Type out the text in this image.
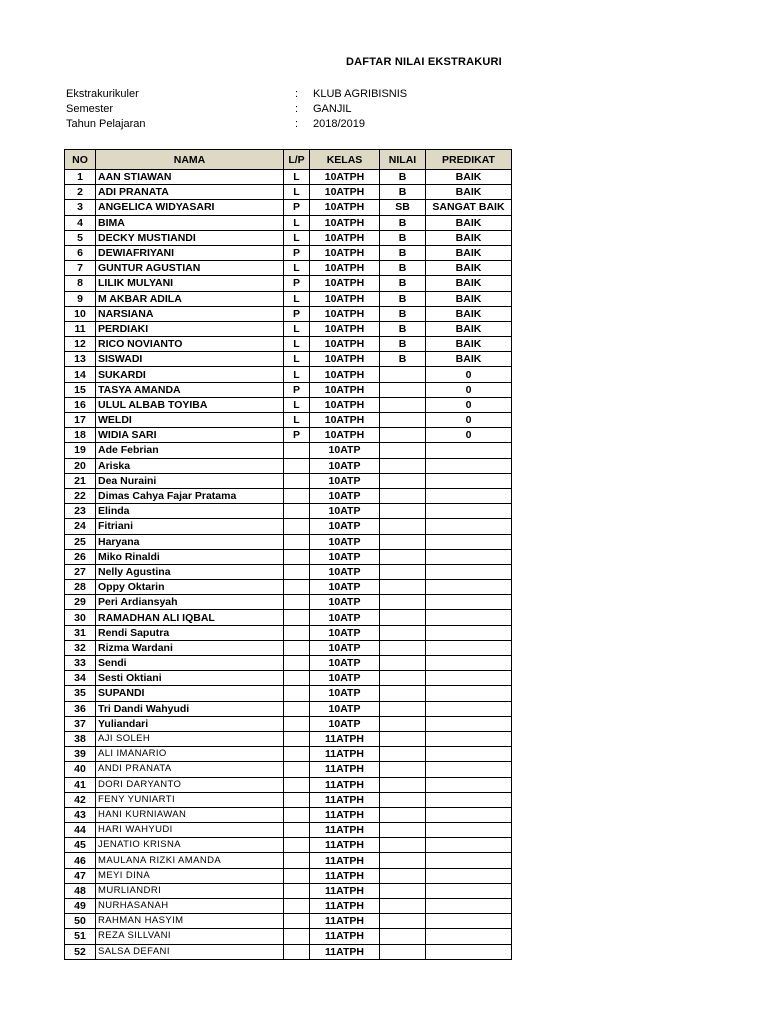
DAFTAR NILAI EKSTRAKURI
Ekstrakurikuler	: KLUB AGRIBISNIS
Semester	: GANJIL
Tahun Pelajaran	: 2018/2019
NO	NAMA	L/P	KELAS	NILAI	PREDIKAT
1	AAN STIAWAN	L	10ATPH	B	BAIK
2	ADI PRANATA	L	10ATPH	B	BAIK
3	ANGELICA WIDYASARI	P	10ATPH	SB	SANGAT BAIK
4	BIMA	L	10ATPH	B	BAIK
5	DECKY MUSTIANDI	L	10ATPH	B	BAIK
6	DEWIAFRIYANI	P	10ATPH	B	BAIK
7	GUNTUR AGUSTIAN	L	10ATPH	B	BAIK
8	LILIK MULYANI	P	10ATPH	B	BAIK
9	M AKBAR ADILA	L	10ATPH	B	BAIK
10	NARSIANA	P	10ATPH	B	BAIK
11	PERDIAKI	L	10ATPH	B	BAIK
12	RICO NOVIANTO	L	10ATPH	B	BAIK
13	SISWADI	L	10ATPH	B	BAIK
14	SUKARDI	L	10ATPH		0
15	TASYA AMANDA	P	10ATPH		0
16	ULUL ALBAB TOYIBA	L	10ATPH		0
17	WELDI	L	10ATPH		0
18	WIDIA SARI	P	10ATPH		0
19	Ade Febrian		10ATP		
20	Ariska		10ATP		
21	Dea Nuraini		10ATP		
22	Dimas Cahya Fajar Pratama		10ATP		
23	Elinda		10ATP		
24	Fitriani		10ATP		
25	Haryana		10ATP		
26	Miko Rinaldi		10ATP		
27	Nelly Agustina		10ATP		
28	Oppy Oktarin		10ATP		
29	Peri Ardiansyah		10ATP		
30	RAMADHAN ALI IQBAL		10ATP		
31	Rendi Saputra		10ATP		
32	Rizma Wardani		10ATP		
33	Sendi		10ATP		
34	Sesti Oktiani		10ATP		
35	SUPANDI		10ATP		
36	Tri Dandi Wahyudi		10ATP		
37	Yuliandari		10ATP		
38	AJI SOLEH		11ATPH		
39	ALI IMANARIO		11ATPH		
40	ANDI PRANATA		11ATPH		
41	DORI DARYANTO		11ATPH		
42	FENY YUNIARTI		11ATPH		
43	HANI KURNIAWAN		11ATPH		
44	HARI WAHYUDI		11ATPH		
45	JENATIO KRISNA		11ATPH		
46	MAULANA RIZKI AMANDA		11ATPH		
47	MEYI DINA		11ATPH		
48	MURLIANDRI		11ATPH		
49	NURHASANAH		11ATPH		
50	RAHMAN HASYIM		11ATPH		
51	REZA SILLVANI		11ATPH		
52	SALSA DEFANI		11ATPH		
